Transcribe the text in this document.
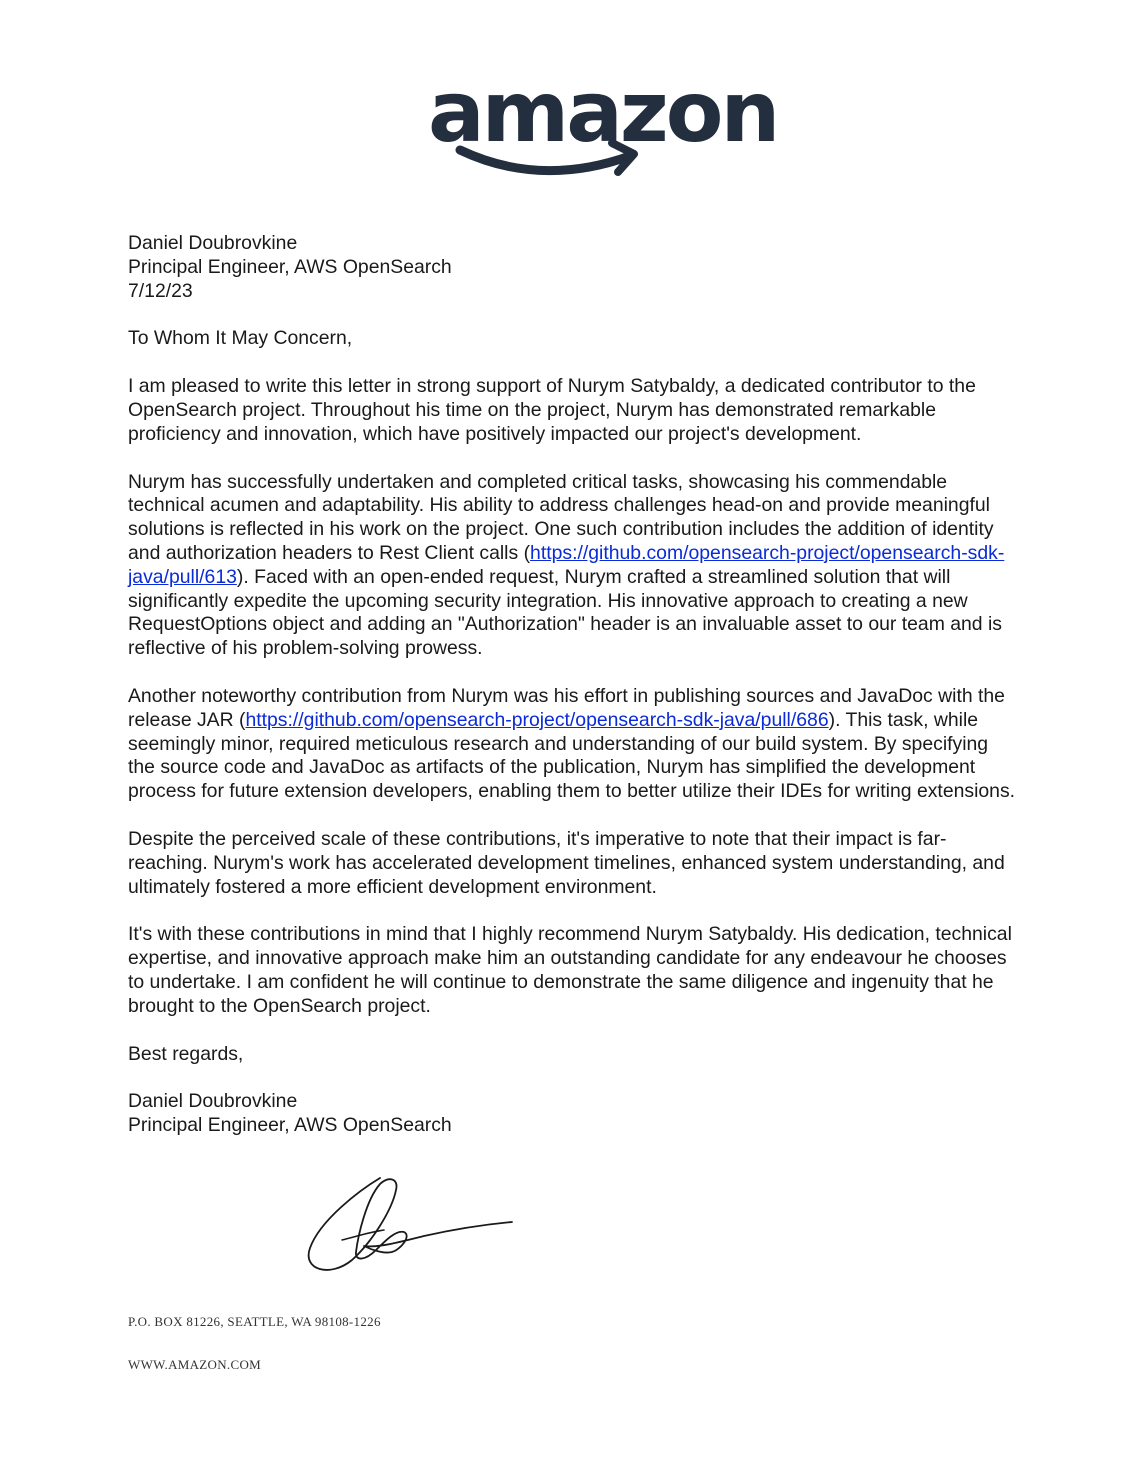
amazon
Daniel Doubrovkine
Principal Engineer, AWS OpenSearch
7/12/23

To Whom It May Concern,

I am pleased to write this letter in strong support of Nurym Satybaldy, a dedicated contributor to the OpenSearch project. Throughout his time on the project, Nurym has demonstrated remarkable proficiency and innovation, which have positively impacted our project's development.

Nurym has successfully undertaken and completed critical tasks, showcasing his commendable technical acumen and adaptability. His ability to address challenges head-on and provide meaningful solutions is reflected in his work on the project. One such contribution includes the addition of identity and authorization headers to Rest Client calls (https://github.com/opensearch-project/opensearch-sdk-java/pull/613). Faced with an open-ended request, Nurym crafted a streamlined solution that will significantly expedite the upcoming security integration. His innovative approach to creating a new RequestOptions object and adding an "Authorization" header is an invaluable asset to our team and is reflective of his problem-solving prowess.

Another noteworthy contribution from Nurym was his effort in publishing sources and JavaDoc with the release JAR (https://github.com/opensearch-project/opensearch-sdk-java/pull/686). This task, while seemingly minor, required meticulous research and understanding of our build system. By specifying the source code and JavaDoc as artifacts of the publication, Nurym has simplified the development process for future extension developers, enabling them to better utilize their IDEs for writing extensions.

Despite the perceived scale of these contributions, it's imperative to note that their impact is far-reaching. Nurym's work has accelerated development timelines, enhanced system understanding, and ultimately fostered a more efficient development environment.

It's with these contributions in mind that I highly recommend Nurym Satybaldy. His dedication, technical expertise, and innovative approach make him an outstanding candidate for any endeavour he chooses to undertake. I am confident he will continue to demonstrate the same diligence and ingenuity that he brought to the OpenSearch project.

Best regards,

Daniel Doubrovkine
Principal Engineer, AWS OpenSearch
P.O. BOX 81226, SEATTLE, WA 98108-1226
WWW.AMAZON.COM
